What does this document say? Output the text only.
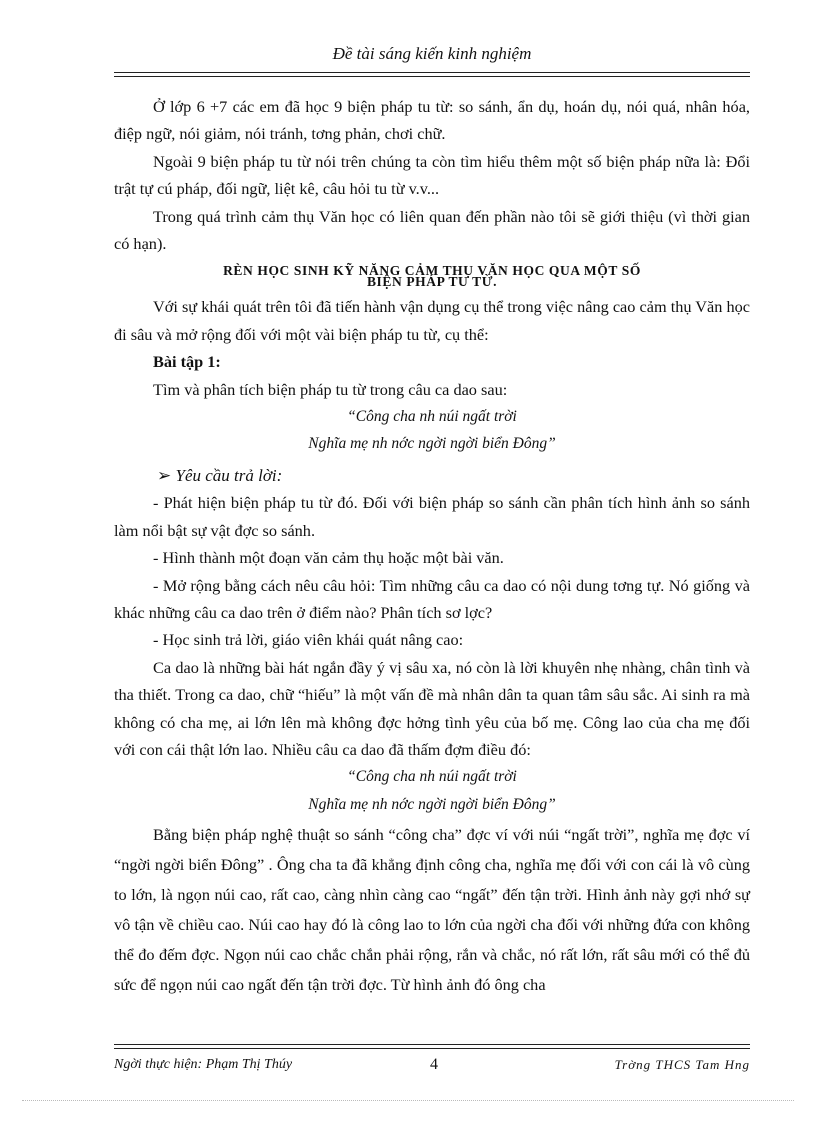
Đề tài sáng kiến kinh nghiệm

Ở lớp 6 +7 các em đã học 9 biện pháp tu từ: so sánh, ẩn dụ, hoán dụ, nói quá, nhân hóa, điệp ngữ, nói giảm, nói tránh, tơng phản, chơi chữ.

Ngoài 9 biện pháp tu từ nói trên chúng ta còn tìm hiểu thêm một số biện pháp nữa là: Đổi trật tự cú pháp, đối ngữ, liệt kê, câu hỏi tu từ v.v...

Trong quá trình cảm thụ Văn học có liên quan đến phần nào tôi sẽ giới thiệu (vì thời gian có hạn).

RÈN HỌC SINH KỸ NĂNG CẢM THỤ VĂN HỌC QUA MỘT SỐ
BIỆN PHÁP TU TỪ.

Với sự khái quát trên tôi đã tiến hành vận dụng cụ thể trong việc nâng cao cảm thụ Văn học đi sâu và mở rộng đối với một vài biện pháp tu từ, cụ thể:

Bài tập 1:

Tìm và phân tích biện pháp tu từ trong câu ca dao sau:

“Công cha nh núi ngất trời

Nghĩa mẹ nh nớc ngời ngời biển Đông”

➢ Yêu cầu trả lời:

- Phát hiện biện pháp tu từ đó. Đối với biện pháp so sánh cần phân tích hình ảnh so sánh làm nổi bật sự vật đợc so sánh.

- Hình thành một đoạn văn cảm thụ hoặc một bài văn.

- Mở rộng bằng cách nêu câu hỏi: Tìm những câu ca dao có nội dung tơng tự. Nó giống và khác những câu ca dao trên ở điểm nào? Phân tích sơ lợc?

- Học sinh trả lời, giáo viên khái quát nâng cao:

Ca dao là những bài hát ngắn đầy ý vị sâu xa, nó còn là lời khuyên nhẹ nhàng, chân tình và tha thiết. Trong ca dao, chữ “hiếu” là một vấn đề mà nhân dân ta quan tâm sâu sắc. Ai sinh ra mà không có cha mẹ, ai lớn lên mà không đợc hởng tình yêu của bố mẹ. Công lao của cha mẹ đối với con cái thật lớn lao. Nhiều câu ca dao đã thấm đợm điều đó:

“Công cha nh núi ngất trời

Nghĩa mẹ nh nớc ngời ngời biển Đông”

Bằng biện pháp nghệ thuật so sánh “công cha” đợc ví với núi “ngất trời”, nghĩa mẹ đợc ví “ngời ngời biển Đông” . Ông cha ta đã khẳng định công cha, nghĩa mẹ đối với con cái là vô cùng to lớn, là ngọn núi cao, rất cao, càng nhìn càng cao “ngất” đến tận trời. Hình ảnh này gợi nhớ sự vô tận về chiều cao. Núi cao hay đó là công lao to lớn của ngời cha đối với những đứa con không thể đo đếm đợc. Ngọn núi cao chắc chắn phải rộng, rắn và chắc, nó rất lớn, rất sâu mới có thể đủ sức để ngọn núi cao ngất đến tận trời đợc. Từ hình ảnh đó ông cha

Ngời thực hiện: Phạm Thị Thúy	4	Trờng THCS Tam Hng
